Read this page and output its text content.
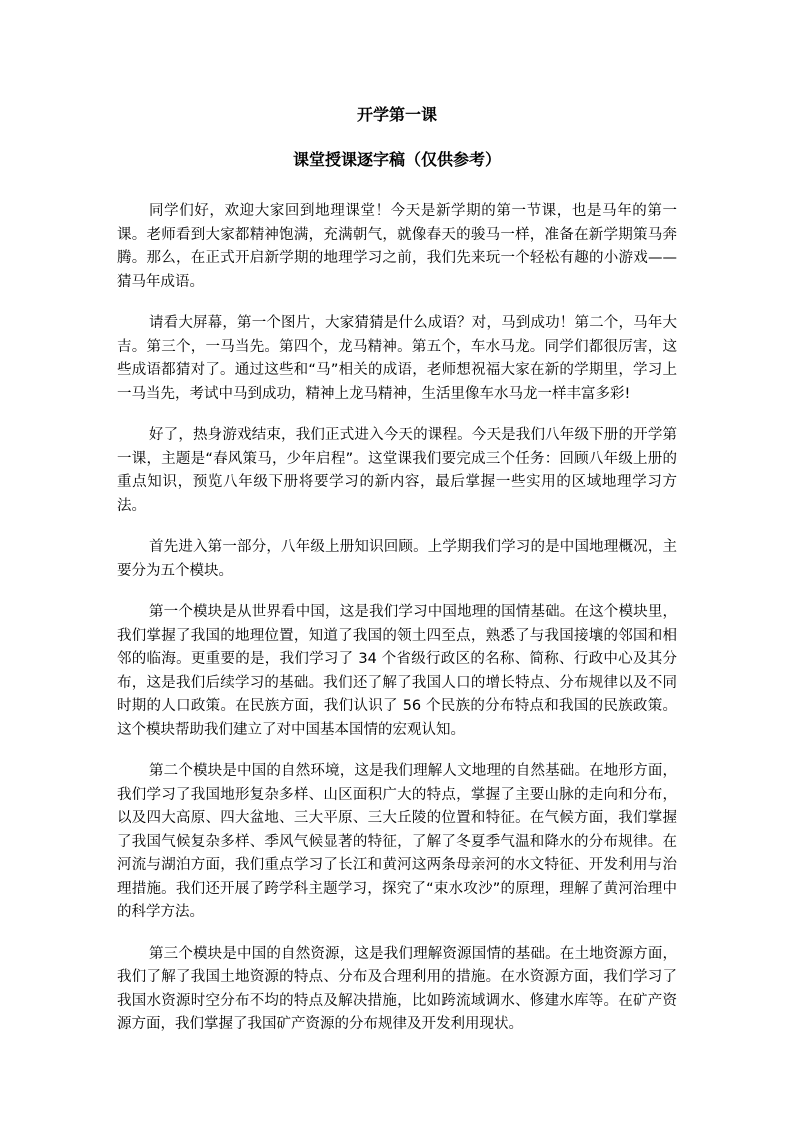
开学第一课
课堂授课逐字稿（仅供参考）

同学们好，欢迎大家回到地理课堂！今天是新学期的第一节课，也是马年的第一课。老师看到大家都精神饱满，充满朝气，就像春天的骏马一样，准备在新学期策马奔腾。那么，在正式开启新学期的地理学习之前，我们先来玩一个轻松有趣的小游戏——猜马年成语。

请看大屏幕，第一个图片，大家猜猜是什么成语？对，马到成功！第二个，马年大吉。第三个，一马当先。第四个，龙马精神。第五个，车水马龙。同学们都很厉害，这些成语都猜对了。通过这些和“马”相关的成语，老师想祝福大家在新的学期里，学习上一马当先，考试中马到成功，精神上龙马精神，生活里像车水马龙一样丰富多彩!

好了，热身游戏结束，我们正式进入今天的课程。今天是我们八年级下册的开学第一课，主题是“春风策马，少年启程”。这堂课我们要完成三个任务：回顾八年级上册的重点知识，预览八年级下册将要学习的新内容，最后掌握一些实用的区域地理学习方法。

首先进入第一部分，八年级上册知识回顾。上学期我们学习的是中国地理概况，主要分为五个模块。

第一个模块是从世界看中国，这是我们学习中国地理的国情基础。在这个模块里，我们掌握了我国的地理位置，知道了我国的领土四至点，熟悉了与我国接壤的邻国和相邻的临海。更重要的是，我们学习了 34 个省级行政区的名称、简称、行政中心及其分布，这是我们后续学习的基础。我们还了解了我国人口的增长特点、分布规律以及不同时期的人口政策。在民族方面，我们认识了 56 个民族的分布特点和我国的民族政策。这个模块帮助我们建立了对中国基本国情的宏观认知。

第二个模块是中国的自然环境，这是我们理解人文地理的自然基础。在地形方面，我们学习了我国地形复杂多样、山区面积广大的特点，掌握了主要山脉的走向和分布，以及四大高原、四大盆地、三大平原、三大丘陵的位置和特征。在气候方面，我们掌握了我国气候复杂多样、季风气候显著的特征，了解了冬夏季气温和降水的分布规律。在河流与湖泊方面，我们重点学习了长江和黄河这两条母亲河的水文特征、开发利用与治理措施。我们还开展了跨学科主题学习，探究了“束水攻沙”的原理，理解了黄河治理中的科学方法。

第三个模块是中国的自然资源，这是我们理解资源国情的基础。在土地资源方面，我们了解了我国土地资源的特点、分布及合理利用的措施。在水资源方面，我们学习了我国水资源时空分布不均的特点及解决措施，比如跨流域调水、修建水库等。在矿产资源方面，我们掌握了我国矿产资源的分布规律及开发利用现状。
